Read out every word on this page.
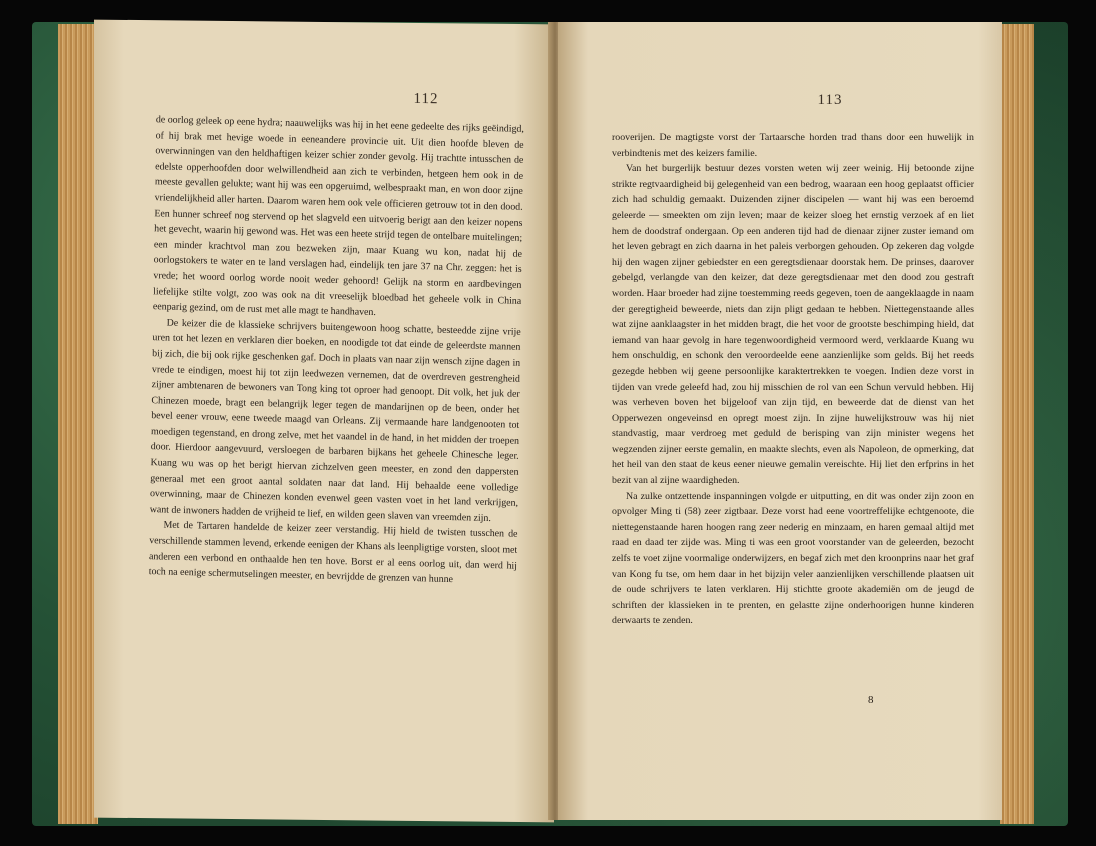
112

de oorlog geleek op eene hydra; naauwelijks was hij in het eene gedeelte des rijks geëindigd, of hij brak met hevige woede in eeneandere provincie uit. Uit dien hoofde bleven de overwinningen van den heldhaftigen keizer schier zonder gevolg. Hij trachtte intusschen de edelste opperhoofden door welwillendheid aan zich te verbinden, hetgeen hem ook in de meeste gevallen gelukte; want hij was een opgeruimd, welbespraakt man, en won door zijne vriendelijkheid aller harten. Daarom waren hem ook vele officieren getrouw tot in den dood. Een hunner schreef nog stervend op het slagveld een uitvoerig berigt aan den keizer nopens het gevecht, waarin hij gewond was. Het was een heete strijd tegen de ontelbare muitelingen; een minder krachtvol man zou bezweken zijn, maar Kuang wu kon, nadat hij de oorlogstokers te water en te land verslagen had, eindelijk ten jare 37 na Chr. zeggen: het is vrede; het woord oorlog worde nooit weder gehoord! Gelijk na storm en aardbevingen liefelijke stilte volgt, zoo was ook na dit vreeselijk bloedbad het geheele volk in China eenparig gezind, om de rust met alle magt te handhaven.

De keizer die de klassieke schrijvers buitengewoon hoog schatte, besteedde zijne vrije uren tot het lezen en verklaren dier boeken, en noodigde tot dat einde de geleerdste mannen bij zich, die bij ook rijke geschenken gaf. Doch in plaats van naar zijn wensch zijne dagen in vrede te eindigen, moest hij tot zijn leedwezen vernemen, dat de overdreven gestrengheid zijner ambtenaren de bewoners van Tong king tot oproer had genoopt. Dit volk, het juk der Chinezen moede, bragt een belangrijk leger tegen de mandarijnen op de been, onder het bevel eener vrouw, eene tweede maagd van Orleans. Zij vermaande hare landgenooten tot moedigen tegenstand, en drong zelve, met het vaandel in de hand, in het midden der troepen door. Hierdoor aangevuurd, versloegen de barbaren bijkans het geheele Chinesche leger. Kuang wu was op het berigt hiervan zichzelven geen meester, en zond den dappersten generaal met een groot aantal soldaten naar dat land. Hij behaalde eene volledige overwinning, maar de Chinezen konden evenwel geen vasten voet in het land verkrijgen, want de inwoners hadden de vrijheid te lief, en wilden geen slaven van vreemden zijn.

Met de Tartaren handelde de keizer zeer verstandig. Hij hield de twisten tusschen de verschillende stammen levend, erkende eenigen der Khans als leenpligtige vorsten, sloot met anderen een verbond en onthaalde hen ten hove. Borst er al eens oorlog uit, dan werd hij toch na eenige schermutselingen meester, en bevrijdde de grenzen van hunne

113

rooverijen. De magtigste vorst der Tartaarsche horden trad thans door een huwelijk in verbindtenis met des keizers familie.

Van het burgerlijk bestuur dezes vorsten weten wij zeer weinig. Hij betoonde zijne strikte regtvaardigheid bij gelegenheid van een bedrog, waaraan een hoog geplaatst officier zich had schuldig gemaakt. Duizenden zijner discipelen — want hij was een beroemd geleerde — smeekten om zijn leven; maar de keizer sloeg het ernstig verzoek af en liet hem de doodstraf ondergaan. Op een anderen tijd had de dienaar zijner zuster iemand om het leven gebragt en zich daarna in het paleis verborgen gehouden. Op zekeren dag volgde hij den wagen zijner gebiedster en een geregtsdienaar doorstak hem. De prinses, daarover gebelgd, verlangde van den keizer, dat deze geregtsdienaar met den dood zou gestraft worden. Haar broeder had zijne toestemming reeds gegeven, toen de aangeklaagde in naam der geregtigheid beweerde, niets dan zijn pligt gedaan te hebben. Niettegenstaande alles wat zijne aanklaagster in het midden bragt, die het voor de grootste beschimping hield, dat iemand van haar gevolg in hare tegenwoordigheid vermoord werd, verklaarde Kuang wu hem onschuldig, en schonk den veroordeelde eene aanzienlijke som gelds. Bij het reeds gezegde hebben wij geene persoonlijke karaktertrekken te voegen. Indien deze vorst in tijden van vrede geleefd had, zou hij misschien de rol van een Schun vervuld hebben. Hij was verheven boven het bijgeloof van zijn tijd, en beweerde dat de dienst van het Opperwezen ongeveinsd en opregt moest zijn. In zijne huwelijkstrouw was hij niet standvastig, maar verdroeg met geduld de berisping van zijn minister wegens het wegzenden zijner eerste gemalin, en maakte slechts, even als Napoleon, de opmerking, dat het heil van den staat de keus eener nieuwe gemalin vereischte. Hij liet den erfprins in het bezit van al zijne waardigheden.

Na zulke ontzettende inspanningen volgde er uitputting, en dit was onder zijn zoon en opvolger Ming ti (58) zeer zigtbaar. Deze vorst had eene voortreffelijke echtgenoote, die niettegenstaande haren hoogen rang zeer nederig en minzaam, en haren gemaal altijd met raad en daad ter zijde was. Ming ti was een groot voorstander van de geleerden, bezocht zelfs te voet zijne voormalige onderwijzers, en begaf zich met den kroonprins naar het graf van Kong fu tse, om hem daar in het bijzijn veler aanzienlijken verschillende plaatsen uit de oude schrijvers te laten verklaren. Hij stichtte groote akademiën om de jeugd de schriften der klassieken in te prenten, en gelastte zijne onderhoorigen hunne kinderen derwaarts te zenden.

8
